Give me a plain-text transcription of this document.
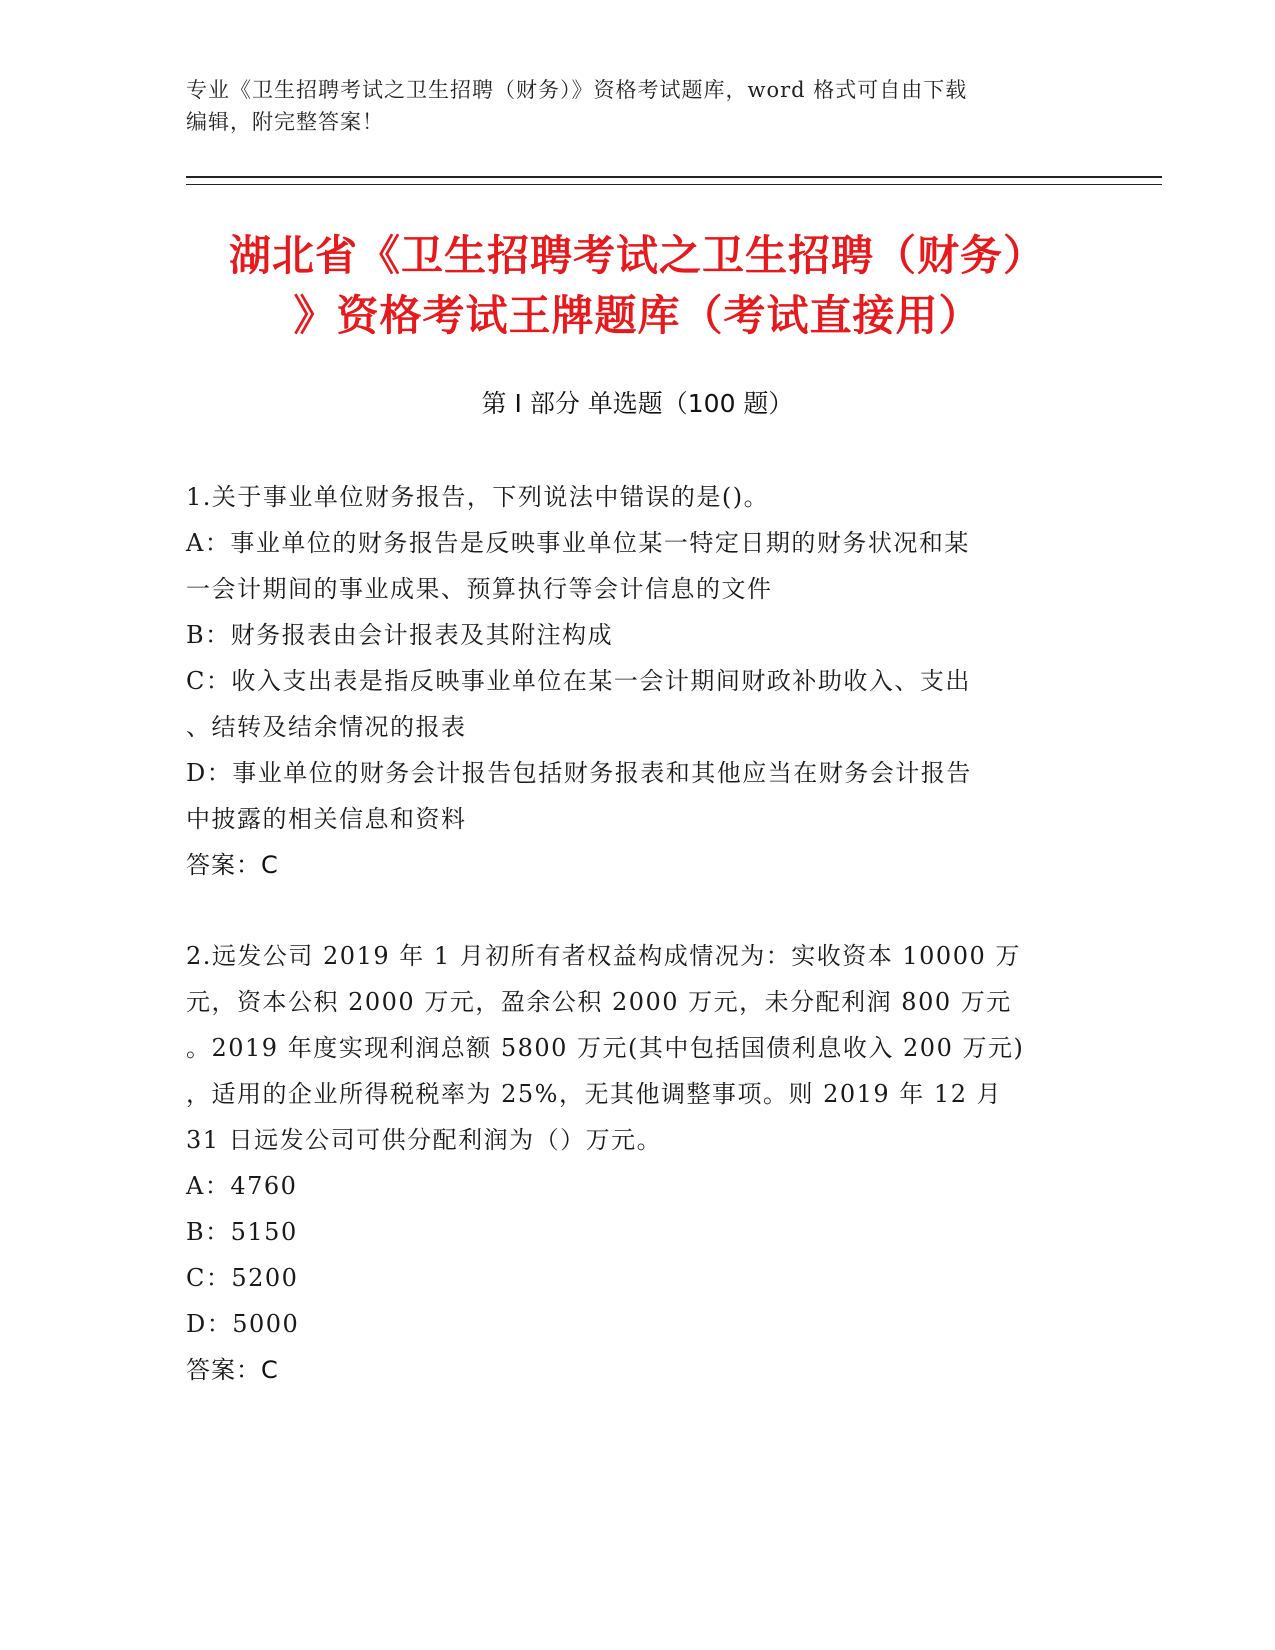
专业《卫生招聘考试之卫生招聘（财务）》资格考试题库，word 格式可自由下载
编辑，附完整答案！
湖北省《卫生招聘考试之卫生招聘（财务）
》资格考试王牌题库（考试直接用）
第 I 部分 单选题（100 题）
1.关于事业单位财务报告，下列说法中错误的是()。
A：事业单位的财务报告是反映事业单位某一特定日期的财务状况和某
一会计期间的事业成果、预算执行等会计信息的文件
B：财务报表由会计报表及其附注构成
C：收入支出表是指反映事业单位在某一会计期间财政补助收入、支出
、结转及结余情况的报表
D：事业单位的财务会计报告包括财务报表和其他应当在财务会计报告
中披露的相关信息和资料
答案：C
2.远发公司 2019 年 1 月初所有者权益构成情况为：实收资本 10000 万
元，资本公积 2000 万元，盈余公积 2000 万元，未分配利润 800 万元
。2019 年度实现利润总额 5800 万元(其中包括国债利息收入 200 万元)
，适用的企业所得税税率为 25%，无其他调整事项。则 2019 年 12 月
31 日远发公司可供分配利润为（）万元。
A：4760
B：5150
C：5200
D：5000
答案：C
